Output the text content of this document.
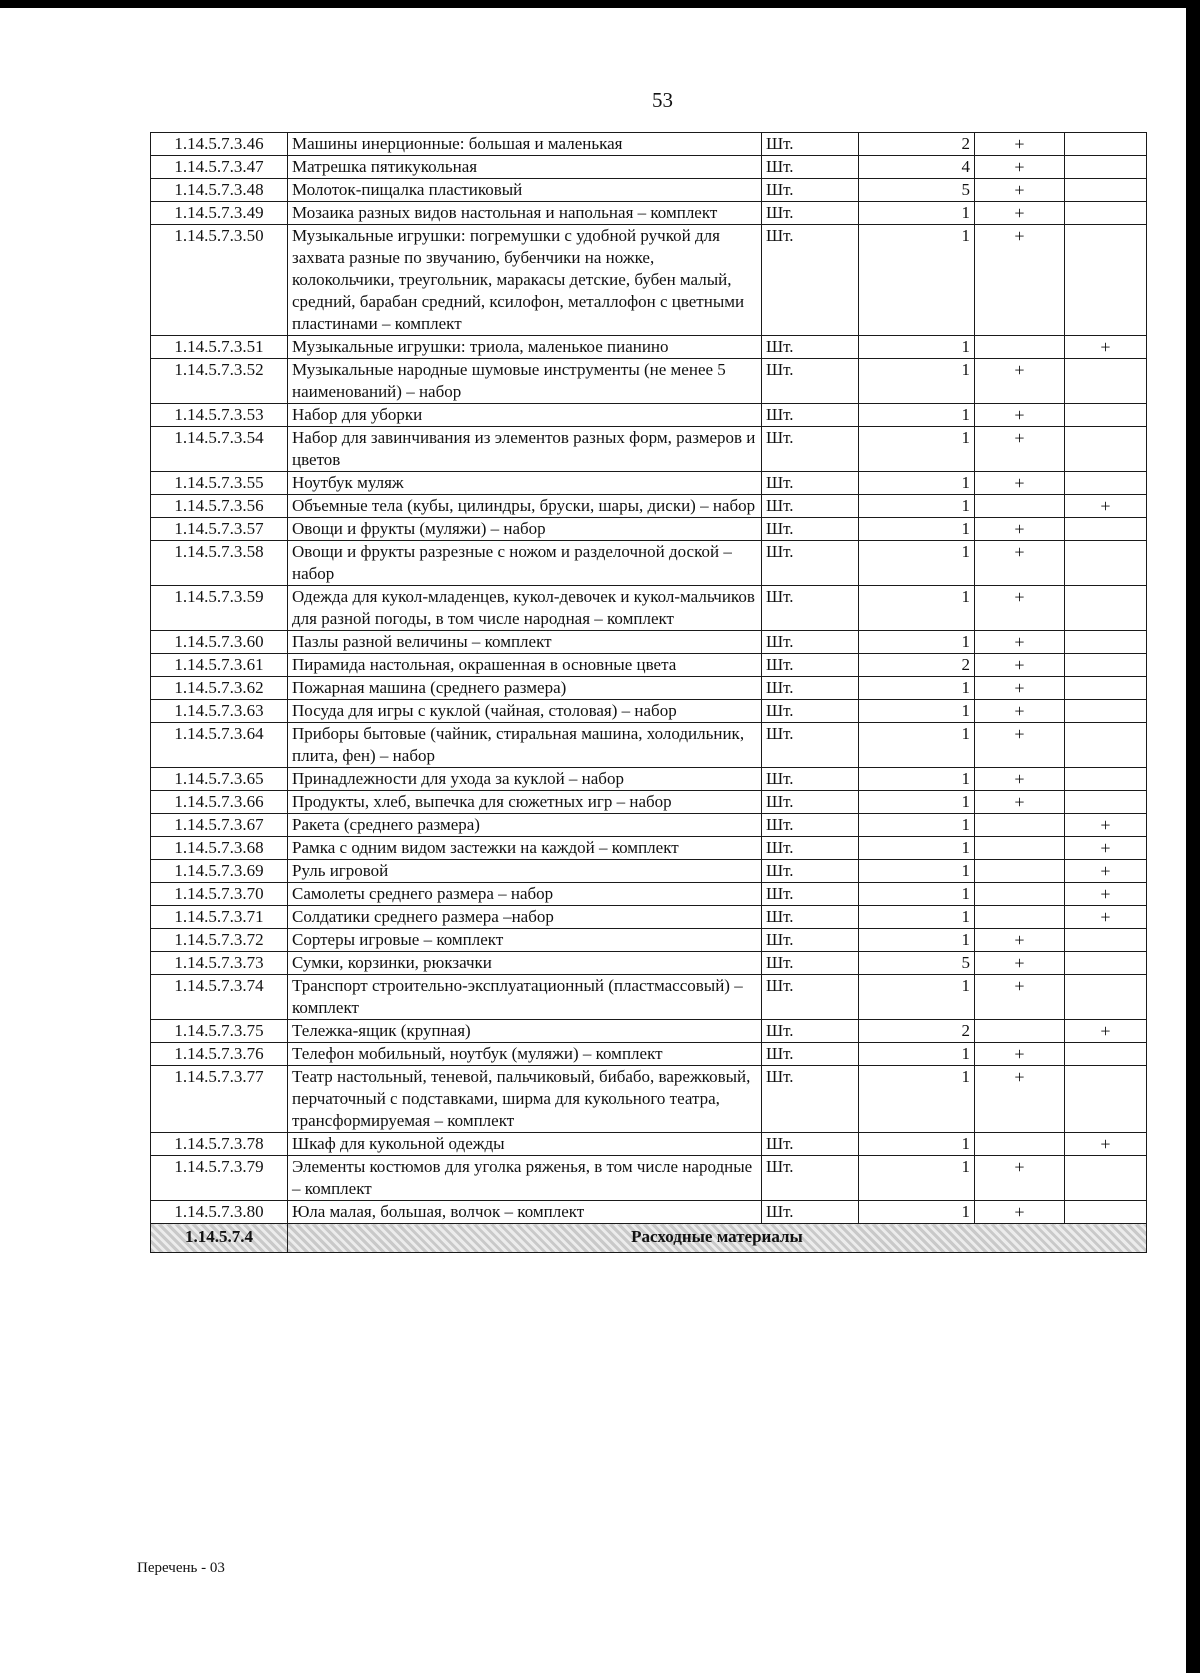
53
1.14.5.7.3.46	Машины инерционные: большая и маленькая	Шт.	2	+	
1.14.5.7.3.47	Матрешка пятикукольная	Шт.	4	+	
1.14.5.7.3.48	Молоток-пищалка пластиковый	Шт.	5	+	
1.14.5.7.3.49	Мозаика разных видов настольная и напольная – комплект	Шт.	1	+	
1.14.5.7.3.50	Музыкальные игрушки: погремушки с удобной ручкой для захвата разные по звучанию, бубенчики на ножке, колокольчики, треугольник, маракасы детские, бубен малый, средний, барабан средний, ксилофон, металлофон с цветными пластинами – комплект	Шт.	1	+	
1.14.5.7.3.51	Музыкальные игрушки: триола, маленькое пианино	Шт.	1		+
1.14.5.7.3.52	Музыкальные народные шумовые инструменты (не менее 5 наименований) – набор	Шт.	1	+	
1.14.5.7.3.53	Набор для уборки	Шт.	1	+	
1.14.5.7.3.54	Набор для завинчивания из элементов разных форм, размеров и цветов	Шт.	1	+	
1.14.5.7.3.55	Ноутбук муляж	Шт.	1	+	
1.14.5.7.3.56	Объемные тела (кубы, цилиндры, бруски, шары, диски) – набор	Шт.	1		+
1.14.5.7.3.57	Овощи и фрукты (муляжи) – набор	Шт.	1	+	
1.14.5.7.3.58	Овощи и фрукты разрезные с ножом и разделочной доской – набор	Шт.	1	+	
1.14.5.7.3.59	Одежда для кукол-младенцев, кукол-девочек и кукол-мальчиков для разной погоды, в том числе народная – комплект	Шт.	1	+	
1.14.5.7.3.60	Пазлы разной величины – комплект	Шт.	1	+	
1.14.5.7.3.61	Пирамида настольная, окрашенная в основные цвета	Шт.	2	+	
1.14.5.7.3.62	Пожарная машина (среднего размера)	Шт.	1	+	
1.14.5.7.3.63	Посуда для игры с куклой (чайная, столовая) – набор	Шт.	1	+	
1.14.5.7.3.64	Приборы бытовые (чайник, стиральная машина, холодильник, плита, фен) – набор	Шт.	1	+	
1.14.5.7.3.65	Принадлежности для ухода за куклой – набор	Шт.	1	+	
1.14.5.7.3.66	Продукты, хлеб, выпечка для сюжетных игр – набор	Шт.	1	+	
1.14.5.7.3.67	Ракета (среднего размера)	Шт.	1		+
1.14.5.7.3.68	Рамка с одним видом застежки на каждой – комплект	Шт.	1		+
1.14.5.7.3.69	Руль игровой	Шт.	1		+
1.14.5.7.3.70	Самолеты среднего размера – набор	Шт.	1		+
1.14.5.7.3.71	Солдатики среднего размера –набор	Шт.	1		+
1.14.5.7.3.72	Сортеры игровые – комплект	Шт.	1	+	
1.14.5.7.3.73	Сумки, корзинки, рюкзачки	Шт.	5	+	
1.14.5.7.3.74	Транспорт строительно-эксплуатационный (пластмассовый) – комплект	Шт.	1	+	
1.14.5.7.3.75	Тележка-ящик (крупная)	Шт.	2		+
1.14.5.7.3.76	Телефон мобильный, ноутбук (муляжи) – комплект	Шт.	1	+	
1.14.5.7.3.77	Театр настольный, теневой, пальчиковый, бибабо, варежковый, перчаточный с подставками, ширма для кукольного театра, трансформируемая – комплект	Шт.	1	+	
1.14.5.7.3.78	Шкаф для кукольной одежды	Шт.	1		+
1.14.5.7.3.79	Элементы костюмов для уголка ряженья, в том числе народные – комплект	Шт.	1	+	
1.14.5.7.3.80	Юла малая, большая, волчок – комплект	Шт.	1	+	
1.14.5.7.4	Расходные материалы				
Перечень - 03
